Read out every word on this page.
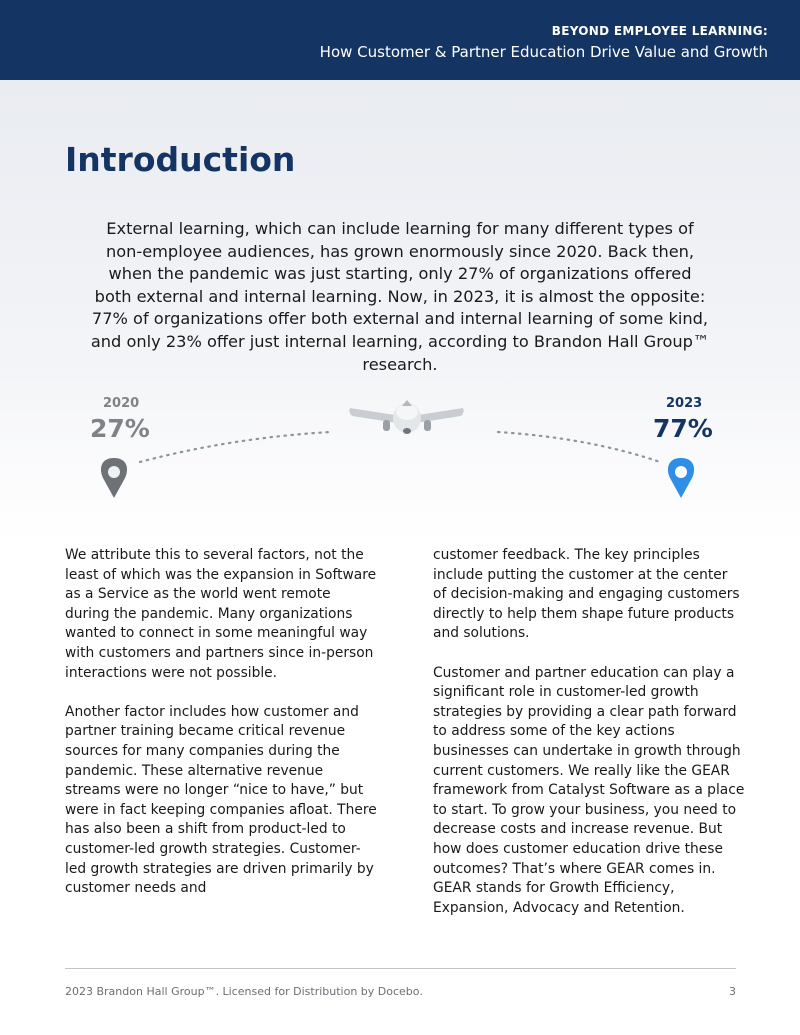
BEYOND EMPLOYEE LEARNING:
How Customer & Partner Education Drive Value and Growth
Introduction

External learning, which can include learning for many different types of non-employee audiences, has grown enormously since 2020. Back then, when the pandemic was just starting, only 27% of organizations offered both external and internal learning. Now, in 2023, it is almost the opposite: 77% of organizations offer both external and internal learning of some kind, and only 23% offer just internal learning, according to Brandon Hall Group™ research.

2020
27%
2023
77%

We attribute this to several factors, not the least of which was the expansion in Software as a Service as the world went remote during the pandemic. Many organizations wanted to connect in some meaningful way with customers and partners since in-person interactions were not possible.

Another factor includes how customer and partner training became critical revenue sources for many companies during the pandemic. These alternative revenue streams were no longer “nice to have,” but were in fact keeping companies afloat. There has also been a shift from product-led to customer-led growth strategies. Customer-led growth strategies are driven primarily by customer needs and

customer feedback. The key principles include putting the customer at the center of decision-making and engaging customers directly to help them shape future products and solutions.

Customer and partner education can play a significant role in customer-led growth strategies by providing a clear path forward to address some of the key actions businesses can undertake in growth through current customers. We really like the GEAR framework from Catalyst Software as a place to start. To grow your business, you need to decrease costs and increase revenue. But how does customer education drive these outcomes? That’s where GEAR comes in. GEAR stands for Growth Efficiency, Expansion, Advocacy and Retention.

2023 Brandon Hall Group™. Licensed for Distribution by Docebo.	3
